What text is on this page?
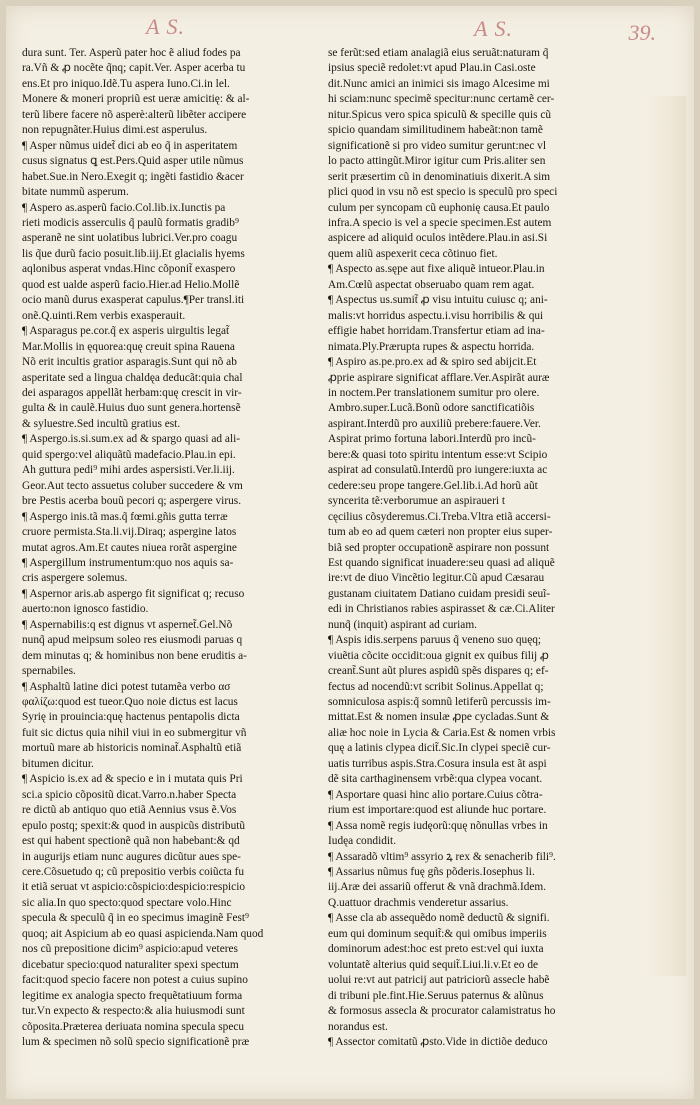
A S.	A S.	39.
dura sunt. Ter. Asperũ pater hoc ẽ aliud fodes pa
ra.Vñ & ꝓ nocẽte q̃nq; capit.Ver. Asper acerba tu
ens.Et pro iniquo.Idẽ.Tu aspera Iuno.Ci.in lel.
Monere & moneri propriũ est ueræ amicitię: & al-
terũ libere facere nõ asperè:alterũ libẽter accipere
non repugnãter.Huius dimi.est asperulus.
¶ Asper nũmus uidet̃ dici ab eo q̃ in asperitatem
cusus signatus ꝗ est.Pers.Quid asper utile nũmus
habet.Sue.in Nero.Exegit q; ingẽti fastidio &acer
bitate nummũ asperum.
¶ Aspero as.asperũ facio.Col.lib.ix.Iunctis pa
rieti modicis asserculis q̃ paulũ formatis gradib⁹
asperanẽ ne sint uolatibus lubrici.Ver.pro coagu
lis q̃ue durũ facio posuit.lib.iij.Et glacialis hyems
aqlonibus asperat vndas.Hinc cõponit̃ exaspero
quod est ualde asperũ facio.Hier.ad Helio.Mollẽ
ocio manũ durus exasperat capulus.¶Per transl.iti
onẽ.Q.uinti.Rem verbis exasperauit.
¶ Asparagus pe.cor.q̃ ex asperis uirgultis legat̃
Mar.Mollis in ęquorea:quę creuit spina Rauena
Nõ erit incultis gratior asparagis.Sunt qui nõ ab
asperitate sed a lingua chaldęa deducãt:quia chal
dei asparagos appellãt herbam:quę crescit in vir-
gulta & in caulẽ.Huius duo sunt genera.hortensẽ
& syluestre.Sed incultũ gratius est.
¶ Aspergo.is.si.sum.ex ad & spargo quasi ad ali-
quid spergo:vel aliquãtũ madefacio.Plau.in epi.
Ah guttura pedi⁹ mihi ardes aspersisti.Ver.li.iij.
Geor.Aut tecto assuetus coluber succedere & vm
bre Pestis acerba bouũ pecori q; aspergere virus.
¶ Aspergo inis.tã mas.q̃ fœmi.gñis gutta terræ
cruore permista.Sta.li.vij.Diraq; aspergine latos
mutat agros.Am.Et cautes niuea rorãt aspergine
¶ Aspergillum instrumentum:quo nos aquis sa-
cris aspergere solemus.
¶ Aspernor aris.ab aspergo fit significat q; recuso
auerto:non ignosco fastidio.
¶ Aspernabilis:q est dignus vt aspernet̃.Gel.Nõ
nunq̃ apud meipsum soleo res eiusmodi paruas q
dem minutas q; & hominibus non bene eruditis a-
spernabiles.
¶ Asphaltũ latine dici potest tutamẽa verbo ασ
φαλίζω:quod est tueor.Quo noie dictus est lacus
Syrię in prouincia:quę hactenus pentapolis dicta
fuit sic dictus quia nihil viui in eo submergitur vñ
mortuũ mare ab historicis nominat̃.Asphaltũ etiã
bitumen dicitur.
¶ Aspicio is.ex ad & specio e in i mutata quis Pri
sci.a spicio cõpositũ dicat.Varro.n.haber Specta
re dictũ ab antiquo quo etiã Aennius vsus ẽ.Vos
epulo postq; spexit:& quod in auspicũs distributũ
est qui habent spectionẽ quã non habebant:& qd
in augurijs etiam nunc augures dicũtur aues spe-
cere.Cõsuetudo q; cũ prepositio verbis coiũcta fu
it etiã seruat vt aspicio:cõspicio:despicio:respicio
sic alia.In quo specto:quod spectare volo.Hinc
specula & speculũ q̃ in eo specimus imaginẽ Fest⁹
quoq; ait Aspicium ab eo quasi aspicienda.Nam quod
nos cũ prepositione dicim⁹ aspicio:apud veteres
dicebatur specio:quod naturaliter spexi spectum
facit:quod specio facere non potest a cuius supino
legitime ex analogia specto frequẽtatiuum forma
tur.Vn expecto & respecto:& alia huiusmodi sunt
cõposita.Præterea deriuata nomina specula specu
lum & specimen nõ solũ specio significationẽ præ
se ferũt:sed etiam analagiã eius seruãt:naturam q̃
ipsius speciẽ redolet:vt apud Plau.in Casi.oste
dit.Nunc amici an inimici sis imago Alcesime mi
hi sciam:nunc specimẽ specitur:nunc certamẽ cer-
nitur.Spicus vero spica spiculũ & specille quis cũ
spicio quandam similitudinem habeãt:non tamẽ
significationẽ si pro video sumitur gerunt:nec vl
lo pacto attingũt.Miror igitur cum Pris.aliter sen
serit præsertim cũ in denominatiuis dixerit.A sim
plici quod in vsu nõ est specio is speculũ pro speci
culum per syncopam cũ euphonię causa.Et paulo
infra.A specio is vel a specie specimen.Est autem
aspicere ad aliquid oculos intẽdere.Plau.in asi.Si
quem aliũ aspexerit ceca cõtinuo fiet.
¶ Aspecto as.sępe aut fixe aliquẽ intueor.Plau.in
Am.Cœlũ aspectat obseruabo quam rem agat.
¶ Aspectus us.sumit̃ ꝓ visu intuitu cuiusc q; ani-
malis:vt horridus aspectu.i.visu horribilis & qui
effigie habet horridam.Transfertur etiam ad ina-
nimata.Ply.Prærupta rupes & aspectu horrida.
¶ Aspiro as.pe.pro.ex ad & spiro sed abijcit.Et
ꝓprie aspirare significat afflare.Ver.Aspirãt auræ
in noctem.Per translationem sumitur pro olere.
Ambro.super.Lucã.Bonũ odore sanctificatiõis
aspirant.Interdũ pro auxiliũ prebere:fauere.Ver.
Aspirat primo fortuna labori.Interdũ pro incũ-
bere:& quasi toto spiritu intentum esse:vt Scipio
aspirat ad consulatũ.Interdũ pro iungere:iuxta ac
cedere:seu prope tangere.Gel.lib.i.Ad horũ aũt
syncerita tẽ:verborumue an aspiraueri t
cęcilius cõsyderemus.Ci.Treba.Vltra etiã accersi-
tum ab eo ad quem cæteri non propter eius super-
biã sed propter occupationẽ aspirare non possunt
Est quando significat inuadere:seu quasi ad aliquẽ
ire:vt de diuo Vincẽtio legitur.Cũ apud Cæsarau
gustanam ciuitatem Datiano cuidam presidi seuĩ-
edi in Christianos rabies aspirasset & cæ.Ci.Aliter
nunq̃ (inquit) aspirant ad curiam.
¶ Aspis idis.serpens paruus q̃ veneno suo quęq;
viuẽtia cõcite occidit:oua gignit ex quibus filij ꝓ
creant̃.Sunt aũt plures aspidũ spẽs dispares q; ef-
fectus ad nocendũ:vt scribit Solinus.Appellat q;
somniculosa aspis:q̃ somnũ letiferũ percussis im-
mittat.Est & nomen insulæ ꝓpe cycladas.Sunt &
aliæ hoc noie in Lycia & Caria.Est & nomen vrbis
quę a latinis clypea dicit̃.Sic.In clypei speciẽ cur-
uatis turribus aspis.Stra.Cosura insula est ãt aspi
dẽ sita carthaginensem vrbẽ:qua clypea vocant.
¶ Asportare quasi hinc alio portare.Cuius cõtra-
rium est importare:quod est aliunde huc portare.
¶ Assa nomẽ regis iudęorũ:quę nõnullas vrbes in
Iudęa condidit.
¶ Assaradõ vltim⁹ assyrio ꝝ rex & senacherib fili⁹.
¶ Assarius nũmus fuę gñs põderis.Iosephus li.
iij.Aræ dei assariũ offerut & vnã drachmã.Idem.
Q.uattuor drachmis venderetur assarius.
¶ Asse cla ab assequẽdo nomẽ deductũ & signifi.
eum qui dominum sequit̃:& qui omibus imperiis
dominorum adest:hoc est preto est:vel qui iuxta
voluntatẽ alterius quid sequit̃.Liui.li.v.Et eo de
uolui re:vt aut patricij aut patriciorũ assecle habẽ
di tribuni ple.fint.Hie.Seruus paternus & alũnus
& formosus assecla & procurator calamistratus ho
norandus est.
¶ Assector comitatũ ꝓsto.Vide in dictiõe deduco
